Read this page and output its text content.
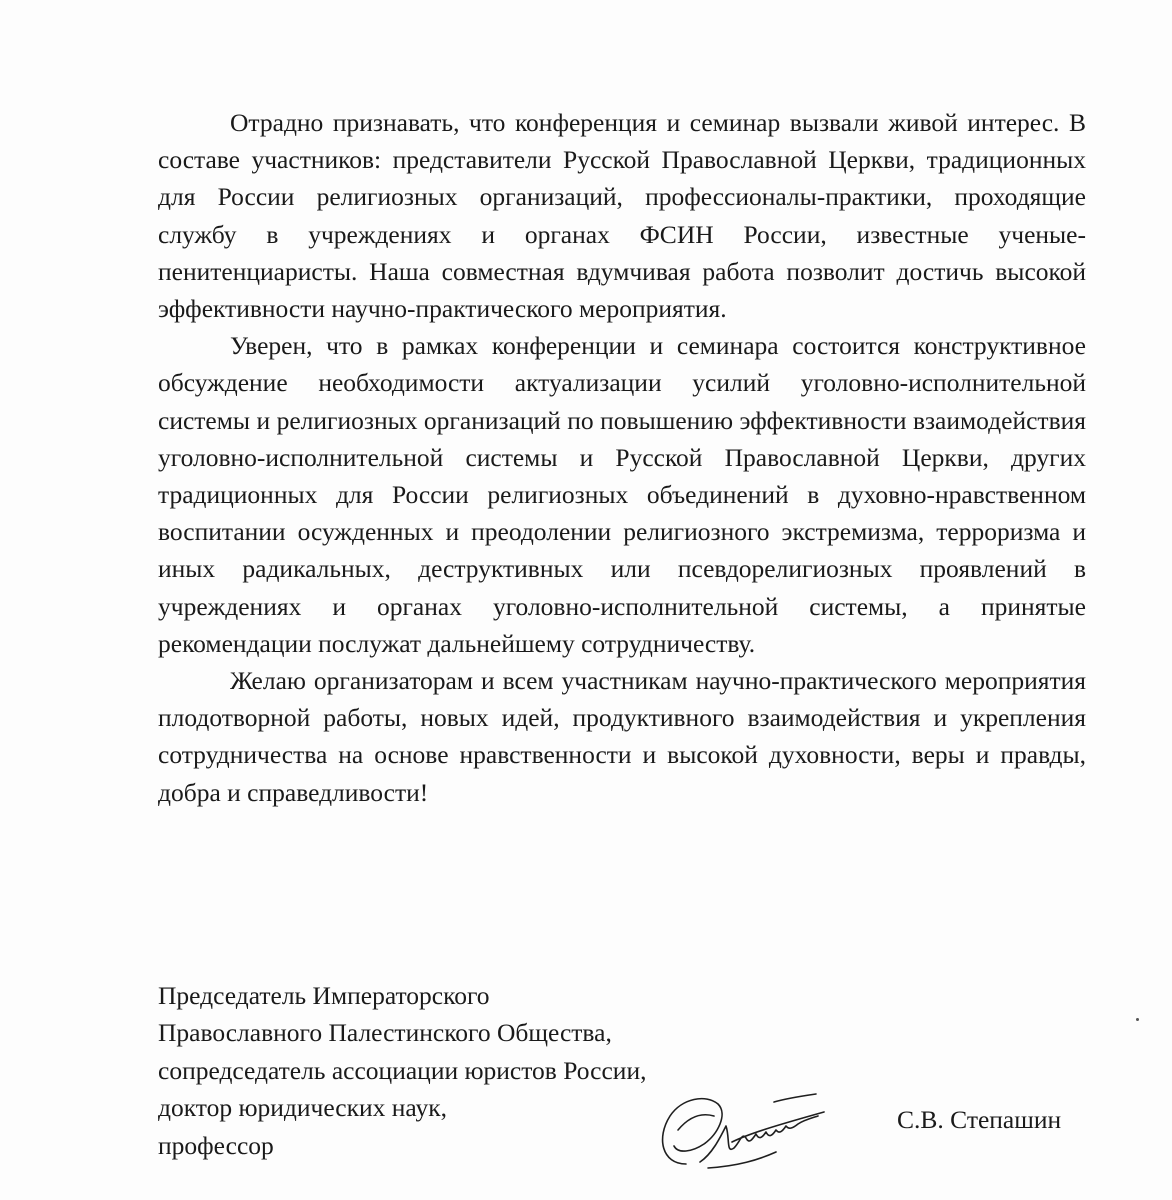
Отрадно признавать, что конференция и семинар вызвали живой интерес. В составе участников: представители Русской Православной Церкви, традиционных для России религиозных организаций, профессионалы-практики, проходящие службу в учреждениях и органах ФСИН России, известные ученые-пенитенциаристы. Наша совместная вдумчивая работа позволит достичь высокой эффективности научно-практического мероприятия.

Уверен, что в рамках конференции и семинара состоится конструктивное обсуждение необходимости актуализации усилий уголовно-исполнительной системы и религиозных организаций по повышению эффективности взаимодействия уголовно-исполнительной системы и Русской Православной Церкви, других традиционных для России религиозных объединений в духовно-нравственном воспитании осужденных и преодолении религиозного экстремизма, терроризма и иных радикальных, деструктивных или псевдорелигиозных проявлений в учреждениях и органах уголовно-исполнительной системы, а принятые рекомендации послужат дальнейшему сотрудничеству.

Желаю организаторам и всем участникам научно-практического мероприятия плодотворной работы, новых идей, продуктивного взаимодействия и укрепления сотрудничества на основе нравственности и высокой духовности, веры и правды, добра и справедливости!

Председатель Императорского
Православного Палестинского Общества,
сопредседатель ассоциации юристов России,
доктор юридических наук,
профессор
С.В. Степашин
